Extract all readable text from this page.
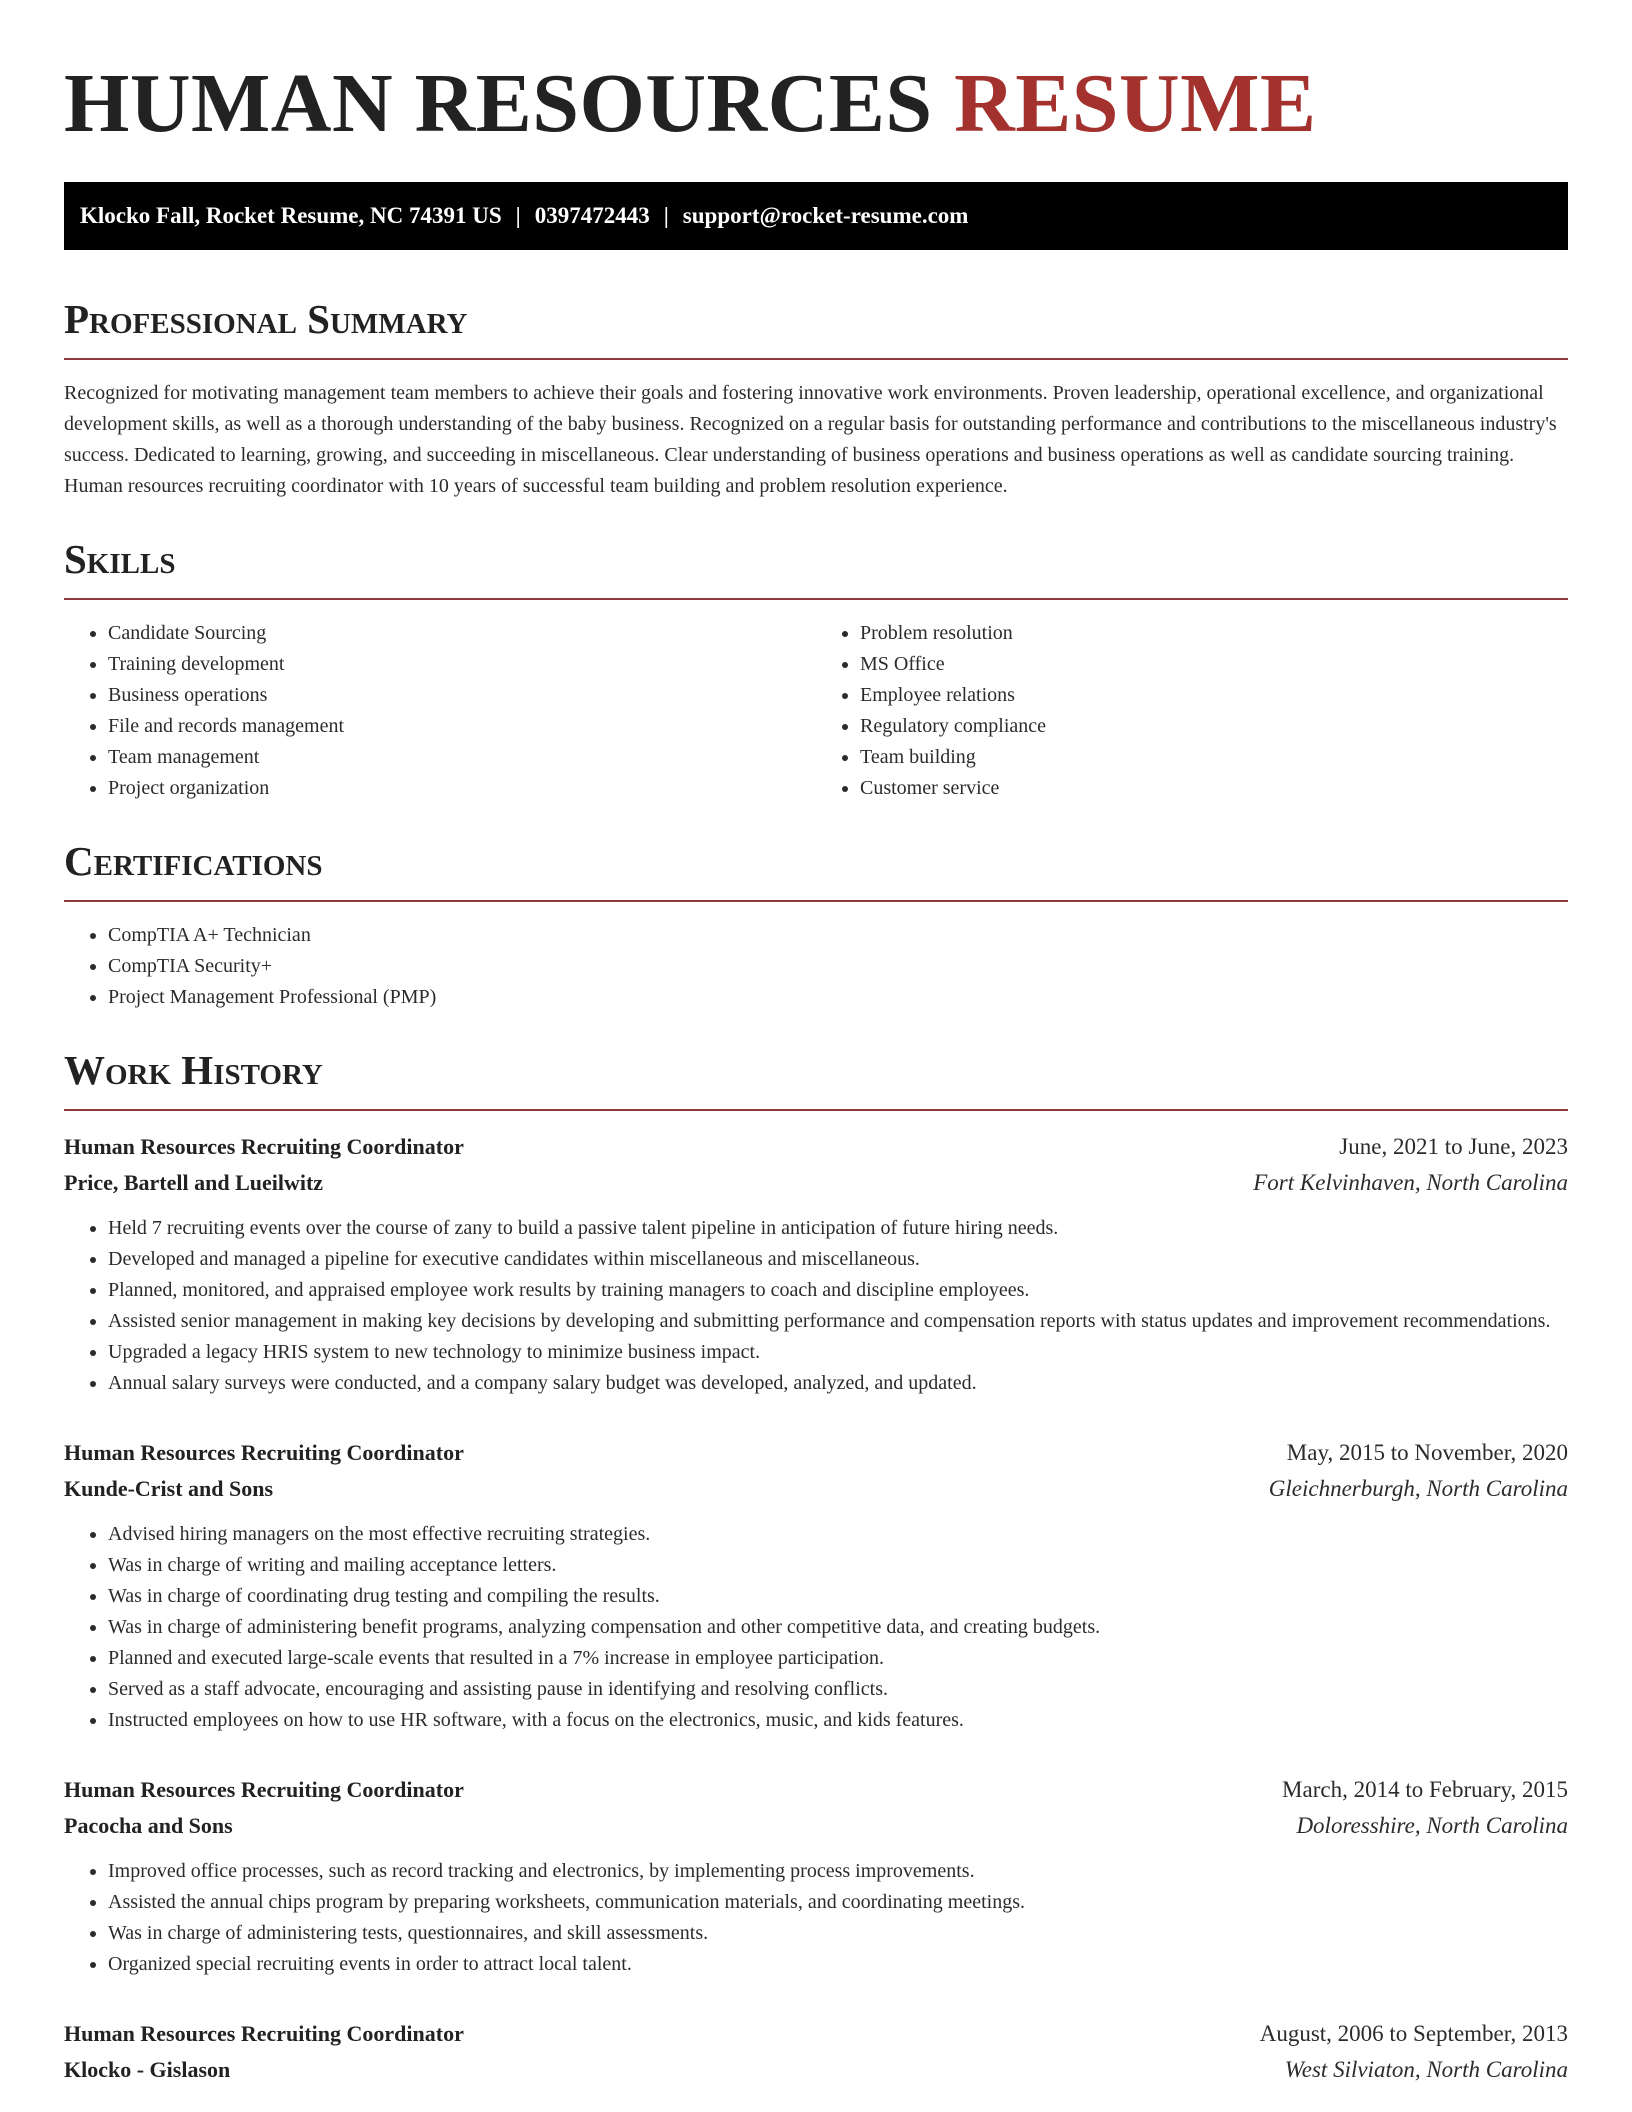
HUMAN RESOURCES RESUME
Klocko Fall, Rocket Resume, NC 74391 US | 0397472443 | support@rocket-resume.com
Professional Summary

Recognized for motivating management team members to achieve their goals and fostering innovative work environments. Proven leadership, operational excellence, and organizational development skills, as well as a thorough understanding of the baby business. Recognized on a regular basis for outstanding performance and contributions to the miscellaneous industry's success. Dedicated to learning, growing, and succeeding in miscellaneous. Clear understanding of business operations and business operations as well as candidate sourcing training. Human resources recruiting coordinator with 10 years of successful team building and problem resolution experience.

Skills
• Candidate Sourcing
• Training development
• Business operations
• File and records management
• Team management
• Project organization
• Problem resolution
• MS Office
• Employee relations
• Regulatory compliance
• Team building
• Customer service
Certifications
• CompTIA A+ Technician
• CompTIA Security+
• Project Management Professional (PMP)
Work History
Human Resources Recruiting Coordinator	June, 2021 to June, 2023
Price, Bartell and Lueilwitz	Fort Kelvinhaven, North Carolina
• Held 7 recruiting events over the course of zany to build a passive talent pipeline in anticipation of future hiring needs.
• Developed and managed a pipeline for executive candidates within miscellaneous and miscellaneous.
• Planned, monitored, and appraised employee work results by training managers to coach and discipline employees.
• Assisted senior management in making key decisions by developing and submitting performance and compensation reports with status updates and improvement recommendations.
• Upgraded a legacy HRIS system to new technology to minimize business impact.
• Annual salary surveys were conducted, and a company salary budget was developed, analyzed, and updated.
Human Resources Recruiting Coordinator	May, 2015 to November, 2020
Kunde-Crist and Sons	Gleichnerburgh, North Carolina
• Advised hiring managers on the most effective recruiting strategies.
• Was in charge of writing and mailing acceptance letters.
• Was in charge of coordinating drug testing and compiling the results.
• Was in charge of administering benefit programs, analyzing compensation and other competitive data, and creating budgets.
• Planned and executed large-scale events that resulted in a 7% increase in employee participation.
• Served as a staff advocate, encouraging and assisting pause in identifying and resolving conflicts.
• Instructed employees on how to use HR software, with a focus on the electronics, music, and kids features.
Human Resources Recruiting Coordinator	March, 2014 to February, 2015
Pacocha and Sons	Doloresshire, North Carolina
• Improved office processes, such as record tracking and electronics, by implementing process improvements.
• Assisted the annual chips program by preparing worksheets, communication materials, and coordinating meetings.
• Was in charge of administering tests, questionnaires, and skill assessments.
• Organized special recruiting events in order to attract local talent.
Human Resources Recruiting Coordinator	August, 2006 to September, 2013
Klocko - Gislason	West Silviaton, North Carolina
